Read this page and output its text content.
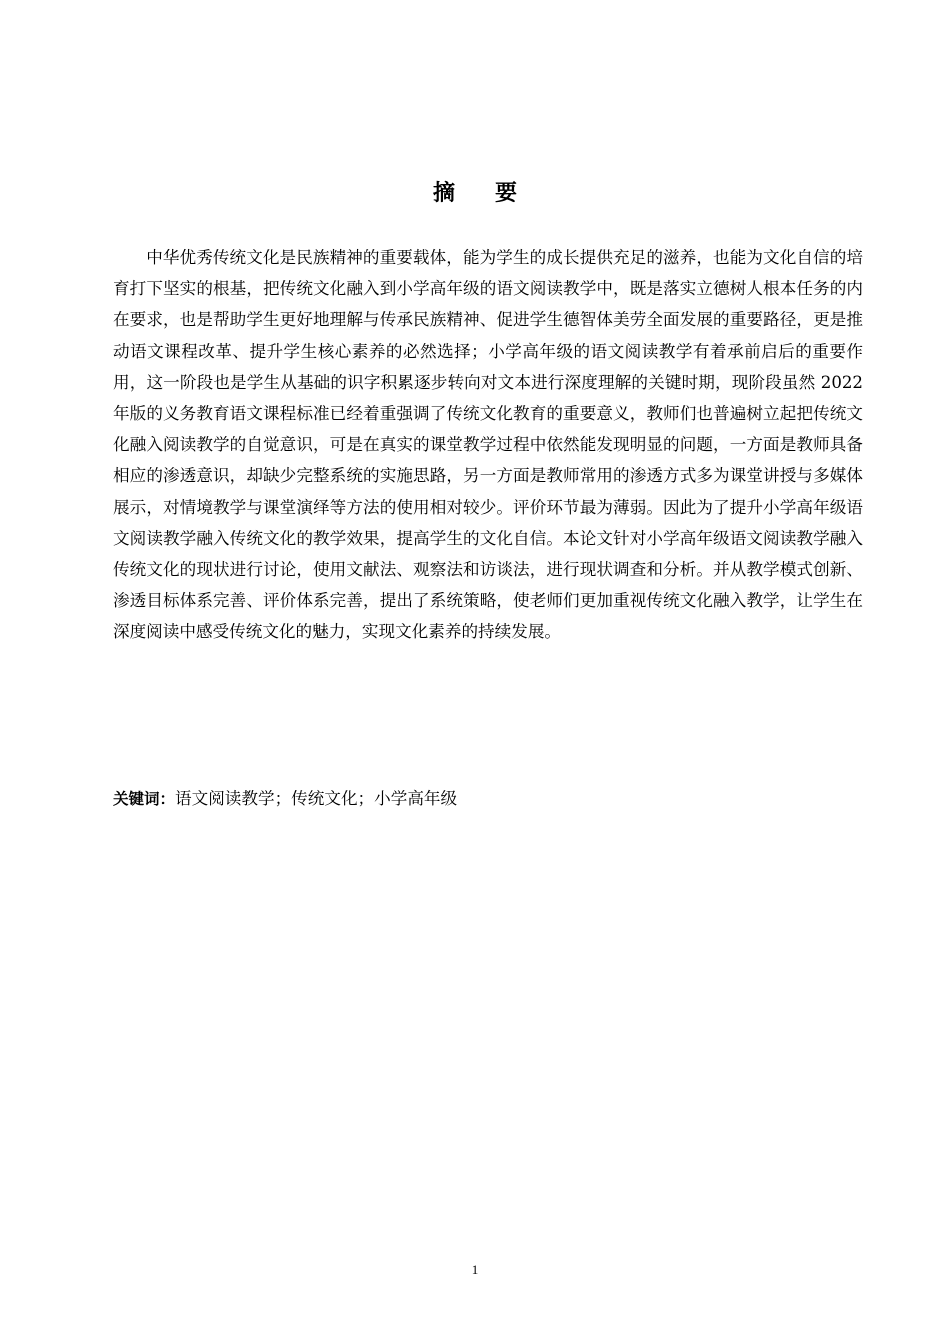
摘 要

中华优秀传统文化是民族精神的重要载体，能为学生的成长提供充足的滋养，也能为文化自信的培育打下坚实的根基，把传统文化融入到小学高年级的语文阅读教学中，既是落实立德树人根本任务的内在要求，也是帮助学生更好地理解与传承民族精神、促进学生德智体美劳全面发展的重要路径，更是推动语文课程改革、提升学生核心素养的必然选择；小学高年级的语文阅读教学有着承前启后的重要作用，这一阶段也是学生从基础的识字积累逐步转向对文本进行深度理解的关键时期，现阶段虽然 2022 年版的义务教育语文课程标准已经着重强调了传统文化教育的重要意义，教师们也普遍树立起把传统文化融入阅读教学的自觉意识，可是在真实的课堂教学过程中依然能发现明显的问题，一方面是教师具备相应的渗透意识，却缺少完整系统的实施思路，另一方面是教师常用的渗透方式多为课堂讲授与多媒体展示，对情境教学与课堂演绎等方法的使用相对较少。评价环节最为薄弱。因此为了提升小学高年级语文阅读教学融入传统文化的教学效果，提高学生的文化自信。本论文针对小学高年级语文阅读教学融入传统文化的现状进行讨论，使用文献法、观察法和访谈法，进行现状调查和分析。并从教学模式创新、渗透目标体系完善、评价体系完善，提出了系统策略，使老师们更加重视传统文化融入教学，让学生在深度阅读中感受传统文化的魅力，实现文化素养的持续发展。

关键词：语文阅读教学；传统文化；小学高年级
1
